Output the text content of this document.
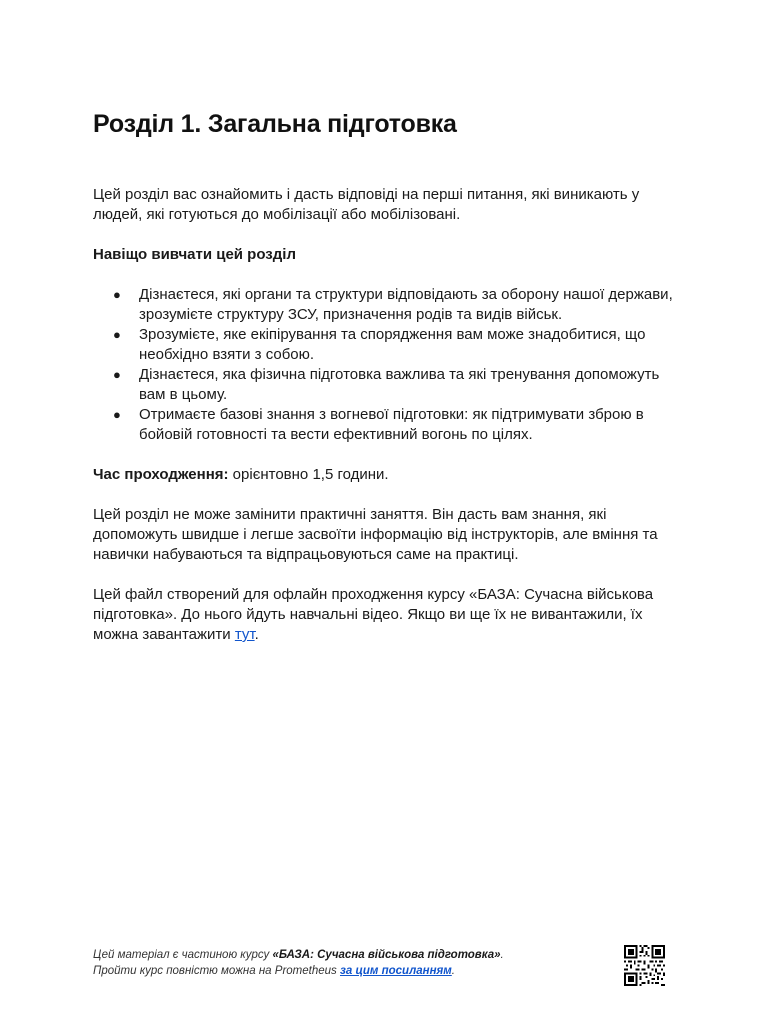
Розділ 1. Загальна підготовка

Цей розділ вас ознайомить і дасть відповіді на перші питання, які виникають у людей, які готуються до мобілізації або мобілізовані.

Навіщо вивчати цей розділ

● Дізнаєтеся, які органи та структури відповідають за оборону нашої держави, зрозумієте структуру ЗСУ, призначення родів та видів військ.
● Зрозумієте, яке екіпірування та спорядження вам може знадобитися, що необхідно взяти з собою.
● Дізнаєтеся, яка фізична підготовка важлива та які тренування допоможуть вам в цьому.
● Отримаєте базові знання з вогневої підготовки: як підтримувати зброю в бойовій готовності та вести ефективний вогонь по цілях.

Час проходження: орієнтовно 1,5 години.

Цей розділ не може замінити практичні заняття. Він дасть вам знання, які допоможуть швидше і легше засвоїти інформацію від інструкторів, але вміння та навички набуваються та відпрацьовуються саме на практиці.

Цей файл створений для офлайн проходження курсу «БАЗА: Сучасна військова підготовка». До нього йдуть навчальні відео. Якщо ви ще їх не вивантажили, їх можна завантажити тут.

Цей матеріал є частиною курсу «БАЗА: Сучасна військова підготовка».
Пройти курс повністю можна на Prometheus за цим посиланням.
